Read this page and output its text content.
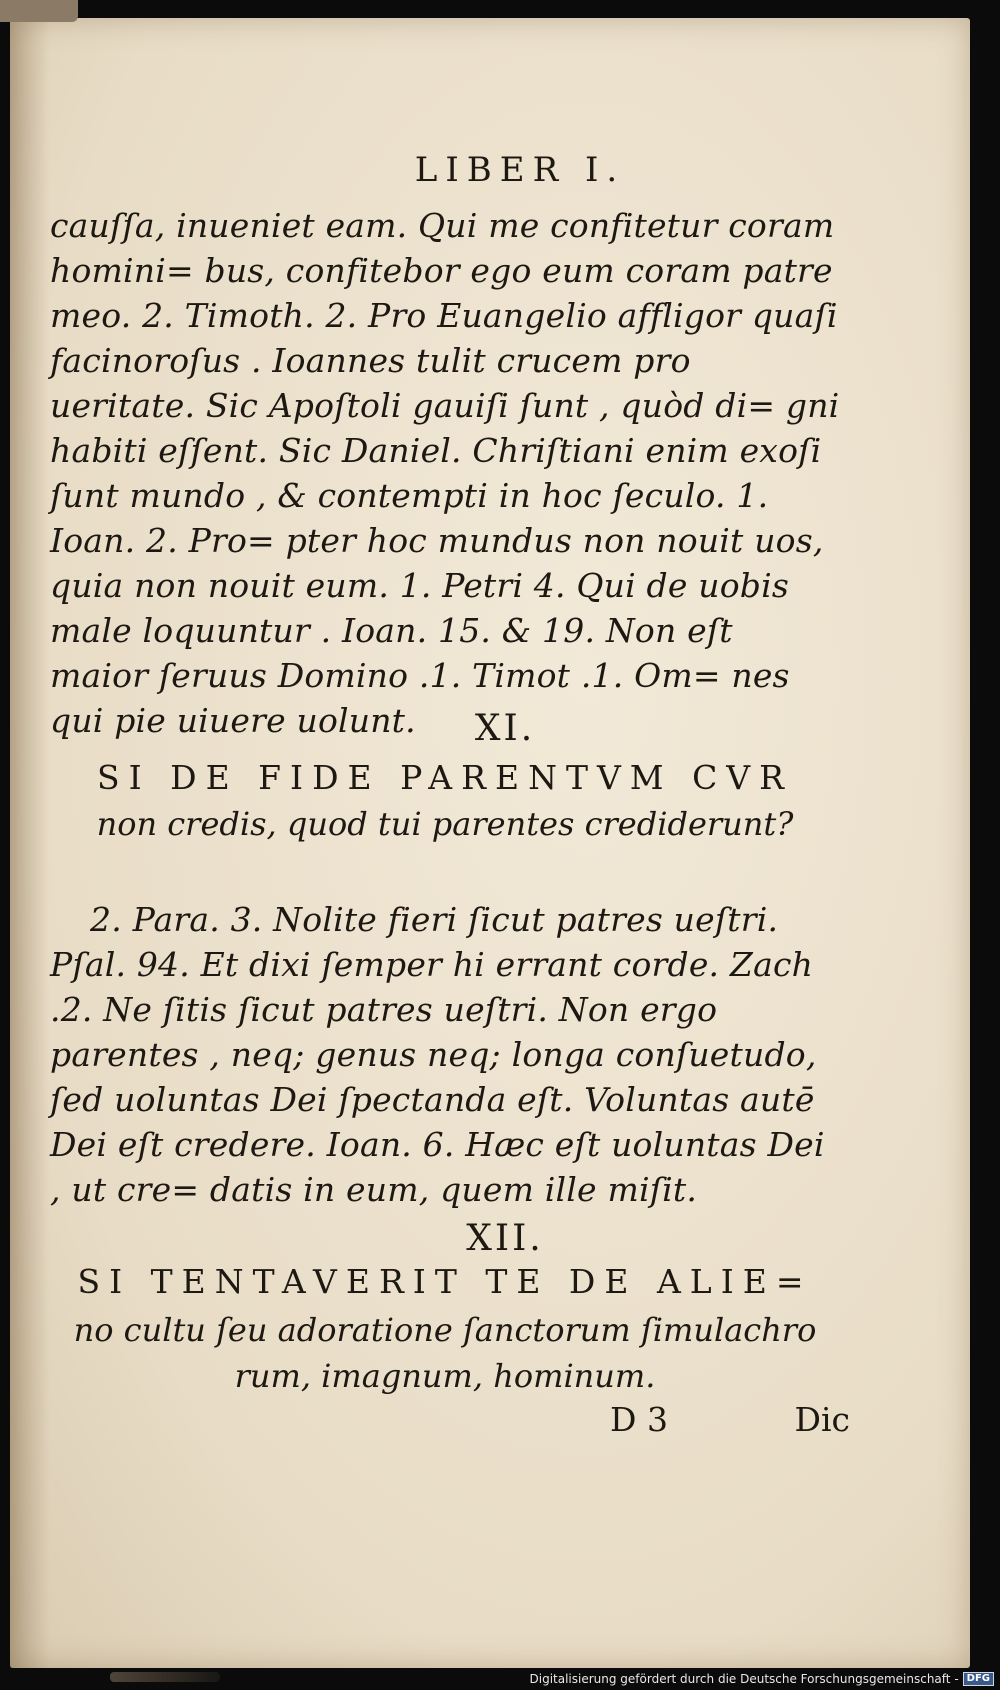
LIBER I.
cauſſa, inueniet eam. Qui me confitetur coram homini= bus, confitebor ego eum coram patre meo. 2. Timoth. 2. Pro Euangelio affligor quaſi facinoroſus . Ioannes tulit crucem pro ueritate. Sic Apoſtoli gauiſi ſunt , quòd di= gni habiti eſſent. Sic Daniel. Chriſtiani enim exoſi ſunt mundo , & contempti in hoc ſeculo. 1. Ioan. 2. Pro= pter hoc mundus non nouit uos, quia non nouit eum. 1. Petri 4. Qui de uobis male loquuntur . Ioan. 15. & 19. Non eſt maior ſeruus Domino .1. Timot .1. Om= nes qui pie uiuere uolunt.	XI.
SI DE FIDE PARENTVM CVR
non credis, quod tui parentes crediderunt?
2. Para. 3. Nolite fieri ſicut patres ueſtri. Pſal. 94. Et dixi ſemper hi errant corde. Zach .2. Ne ſitis ſicut patres ueſtri. Non ergo parentes , neq; genus neq; longa conſuetudo, ſed uoluntas Dei ſpectanda eſt. Voluntas autē Dei eſt credere. Ioan. 6. Hæc eſt uoluntas Dei , ut cre= datis in eum, quem ille miſit.
XII.
SI TENTAVERIT TE DE ALIE=
no cultu ſeu adoratione ſanctorum ſimulachro
rum, imagnum, hominum.
D 3	Dic
Digitalisierung gefördert durch die Deutsche Forschungsgemeinschaft - DFG
